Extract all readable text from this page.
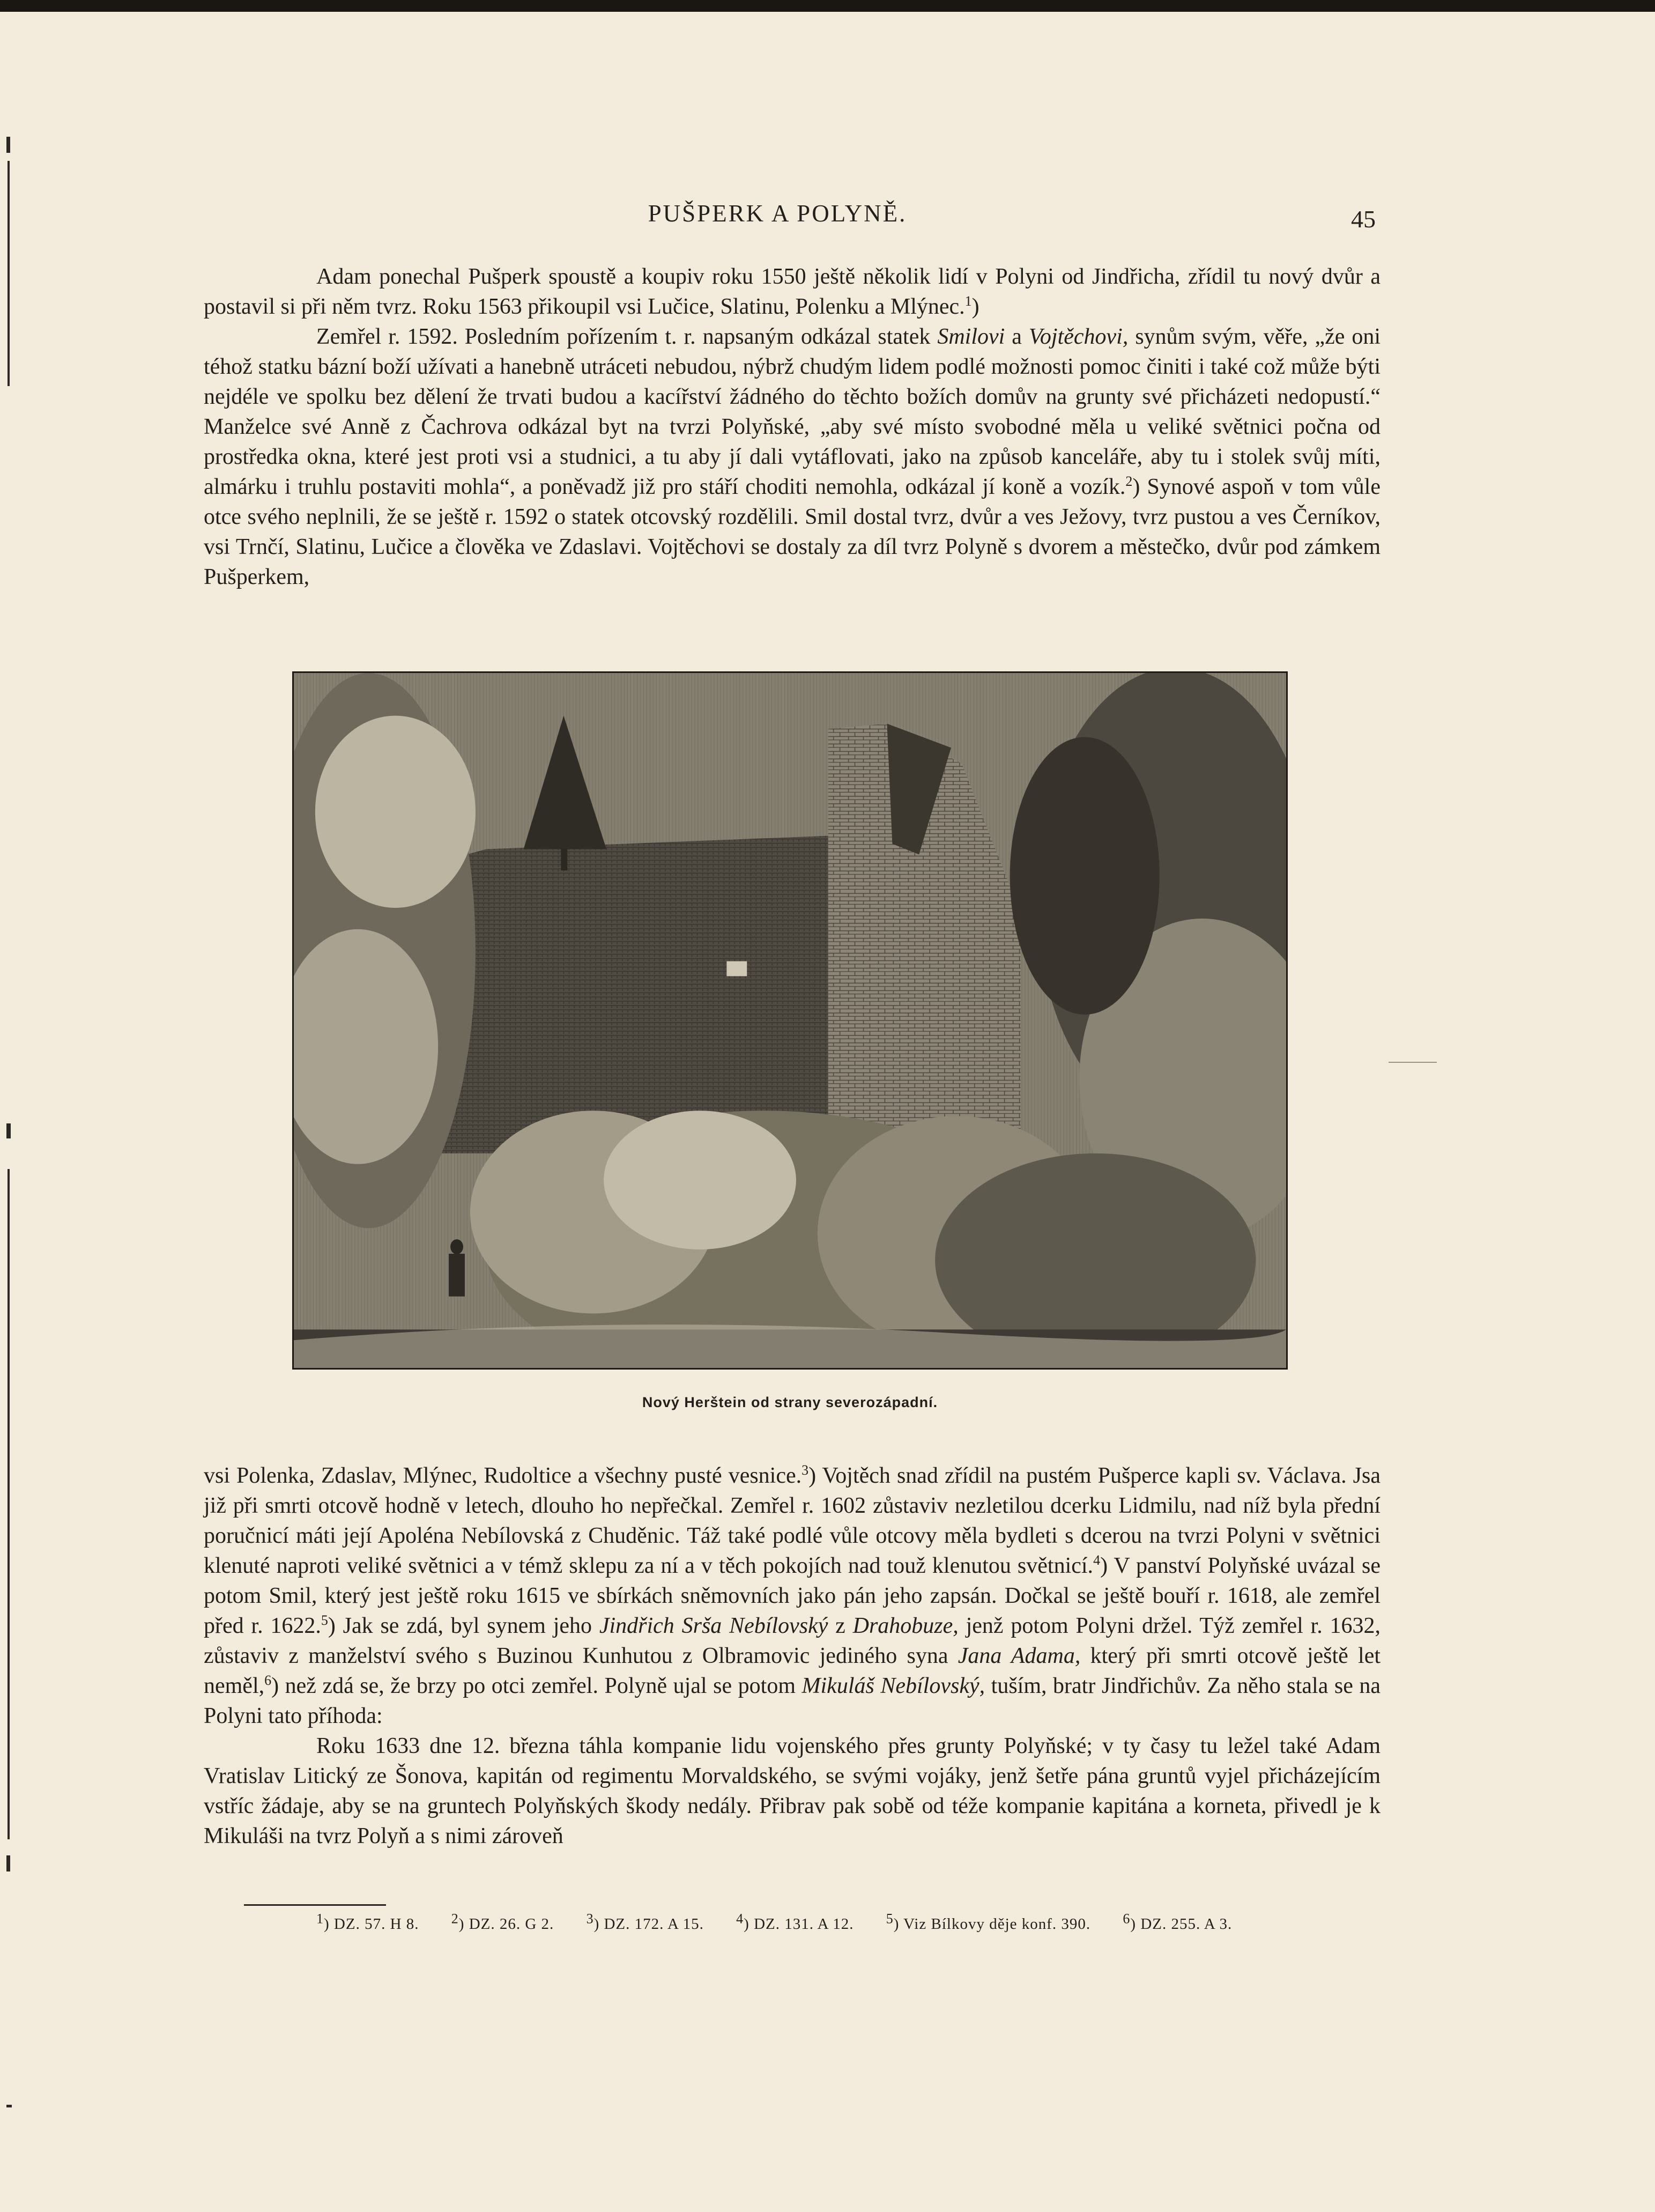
PUŠPERK A POLYNĚ.	45

Adam ponechal Pušperk spoustě a koupiv roku 1550 ještě několik lidí v Polyni od Jindřicha, zřídil tu nový dvůr a postavil si při něm tvrz. Roku 1563 přikoupil vsi Lučice, Slatinu, Polenku a Mlýnec.$^1$)

Zemřel r. 1592. Posledním pořízením t. r. napsaným odkázal statek Smilovi a Vojtěchovi, synům svým, věře, „že oni téhož statku bázní boží užívati a hanebně utráceti nebudou, nýbrž chudým lidem podlé možnosti pomoc činiti i také což může býti nejdéle ve spolku bez dělení že trvati budou a kacířství žádného do těchto božích domův na grunty své přicházeti nedopustí.“ Manželce své Anně z Čachrova odkázal byt na tvrzi Polyňské, „aby své místo svobodné měla u veliké světnici počna od prostředka okna, které jest proti vsi a studnici, a tu aby jí dali vytáflovati, jako na způsob kanceláře, aby tu i stolek svůj míti, almárku i truhlu postaviti mohla“, a poněvadž již pro stáří choditi nemohla, odkázal jí koně a vozík.$^2$) Synové aspoň v tom vůle otce svého neplnili, že se ještě r. 1592 o statek otcovský rozdělili. Smil dostal tvrz, dvůr a ves Ježovy, tvrz pustou a ves Černíkov, vsi Trnčí, Slatinu, Lučice a člověka ve Zdaslavi. Vojtěchovi se dostaly za díl tvrz Polyně s dvorem a městečko, dvůr pod zámkem Pušperkem,

Nový Herštein od strany severozápadní.

vsi Polenka, Zdaslav, Mlýnec, Rudoltice a všechny pusté vesnice.$^3$) Vojtěch snad zřídil na pustém Pušperce kapli sv. Václava. Jsa již při smrti otcově hodně v letech, dlouho ho nepřečkal. Zemřel r. 1602 zůstaviv nezletilou dcerku Lidmilu, nad níž byla přední poručnicí máti její Apoléna Nebílovská z Chuděnic. Táž také podlé vůle otcovy měla bydleti s dcerou na tvrzi Polyni v světnici klenuté naproti veliké světnici a v témž sklepu za ní a v těch pokojích nad touž klenutou světnicí.$^4$) V panství Polyňské uvázal se potom Smil, který jest ještě roku 1615 ve sbírkách sněmovních jako pán jeho zapsán. Dočkal se ještě bouří r. 1618, ale zemřel před r. 1622.$^5$) Jak se zdá, byl synem jeho Jindřich Srša Nebílovský z Drahobuze, jenž potom Polyni držel. Týž zemřel r. 1632, zůstaviv z manželství svého s Buzinou Kunhutou z Olbramovic jediného syna Jana Adama, který při smrti otcově ještě let neměl,$^6$) než zdá se, že brzy po otci zemřel. Polyně ujal se potom Mikuláš Nebílovský, tuším, bratr Jindřichův. Za něho stala se na Polyni tato příhoda:

Roku 1633 dne 12. března táhla kompanie lidu vojenského přes grunty Polyňské; v ty časy tu ležel také Adam Vratislav Litický ze Šonova, kapitán od regimentu Morvaldského, se svými vojáky, jenž šetře pána gruntů vyjel přicházejícím vstříc žádaje, aby se na gruntech Polyňských škody nedály. Přibrav pak sobě od téže kompanie kapitána a korneta, přivedl je k Mikuláši na tvrz Polyň a s nimi zároveň

$^1$) DZ. 57. H 8. $^2$) DZ. 26. G 2. $^3$) DZ. 172. A 15. $^4$) DZ. 131. A 12. $^5$) Viz Bílkovy děje konf. 390. $^6$) DZ. 255. A 3.
